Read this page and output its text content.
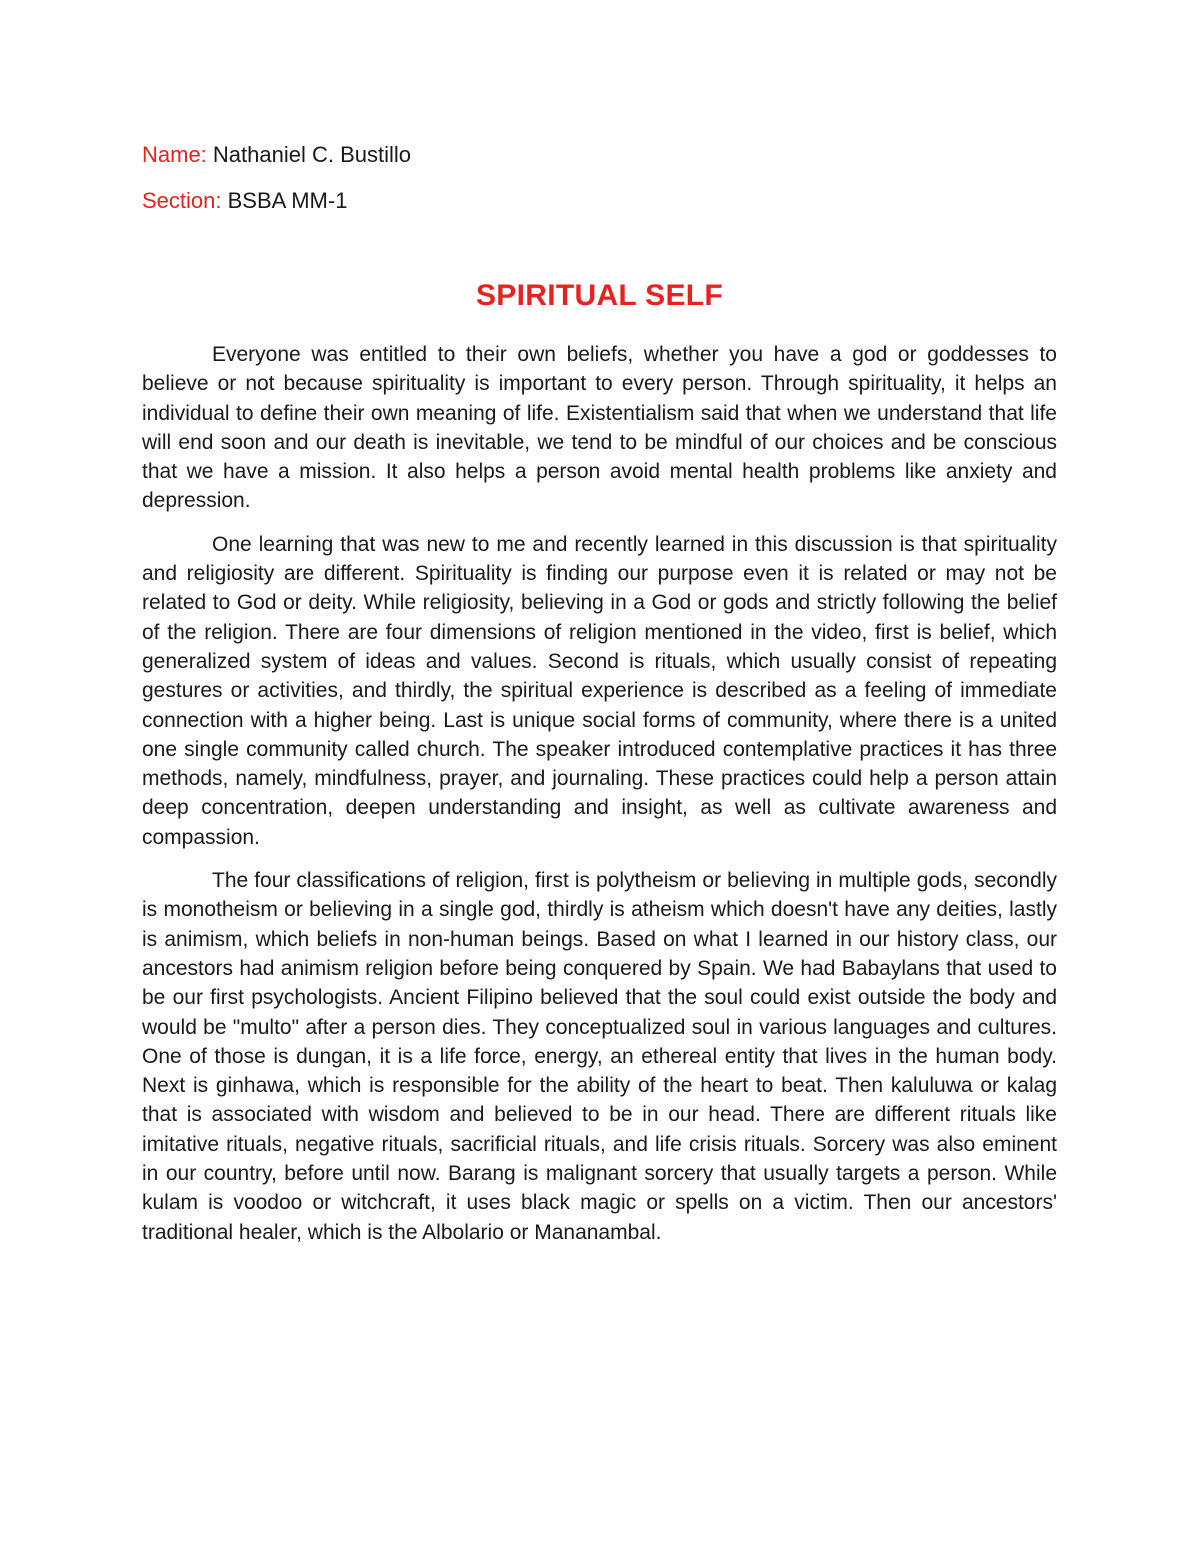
Name: Nathaniel C. Bustillo
Section: BSBA MM-1
SPIRITUAL SELF

Everyone was entitled to their own beliefs, whether you have a god or goddesses to believe or not because spirituality is important to every person. Through spirituality, it helps an individual to define their own meaning of life. Existentialism said that when we understand that life will end soon and our death is inevitable, we tend to be mindful of our choices and be conscious that we have a mission. It also helps a person avoid mental health problems like anxiety and depression.

One learning that was new to me and recently learned in this discussion is that spirituality and religiosity are different. Spirituality is finding our purpose even it is related or may not be related to God or deity. While religiosity, believing in a God or gods and strictly following the belief of the religion. There are four dimensions of religion mentioned in the video, first is belief, which generalized system of ideas and values. Second is rituals, which usually consist of repeating gestures or activities, and thirdly, the spiritual experience is described as a feeling of immediate connection with a higher being. Last is unique social forms of community, where there is a united one single community called church. The speaker introduced contemplative practices it has three methods, namely, mindfulness, prayer, and journaling. These practices could help a person attain deep concentration, deepen understanding and insight, as well as cultivate awareness and compassion.

The four classifications of religion, first is polytheism or believing in multiple gods, secondly is monotheism or believing in a single god, thirdly is atheism which doesn't have any deities, lastly is animism, which beliefs in non-human beings. Based on what I learned in our history class, our ancestors had animism religion before being conquered by Spain. We had Babaylans that used to be our first psychologists. Ancient Filipino believed that the soul could exist outside the body and would be "multo" after a person dies. They conceptualized soul in various languages and cultures. One of those is dungan, it is a life force, energy, an ethereal entity that lives in the human body. Next is ginhawa, which is responsible for the ability of the heart to beat. Then kaluluwa or kalag that is associated with wisdom and believed to be in our head. There are different rituals like imitative rituals, negative rituals, sacrificial rituals, and life crisis rituals. Sorcery was also eminent in our country, before until now. Barang is malignant sorcery that usually targets a person. While kulam is voodoo or witchcraft, it uses black magic or spells on a victim. Then our ancestors' traditional healer, which is the Albolario or Mananambal.
